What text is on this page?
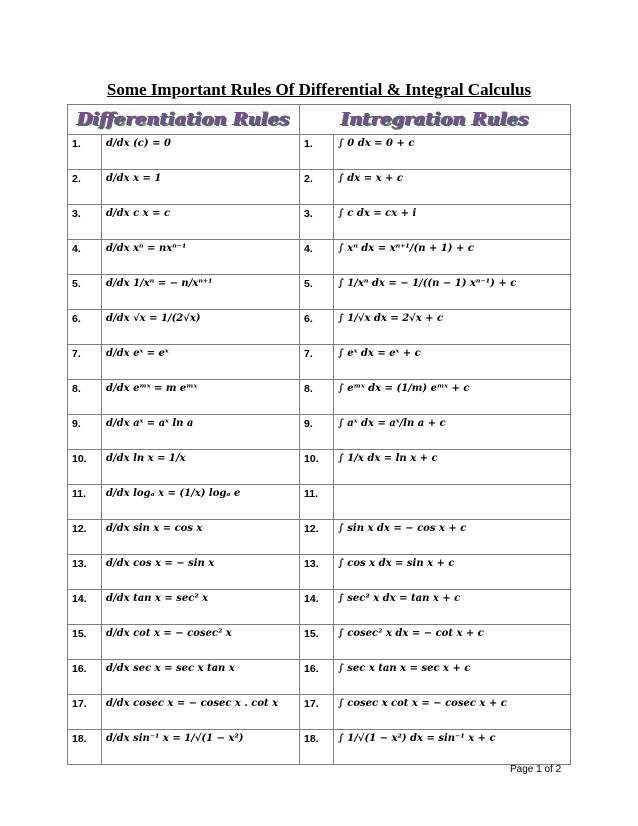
Some Important Rules Of Differential & Integral Calculus
Differentiation Rules		Intregration Rules	

1.	d/dx (c) = 0	1.	∫ 0 dx = 0 + c

2.	d/dx x = 1	2.	∫ dx = x + c

3.	d/dx c x = c	3.	∫ c dx = cx + i

4.	d/dx xⁿ = nxⁿ⁻¹	4.	∫ xⁿ dx = xⁿ⁺¹/(n + 1) + c

5.	d/dx 1/xⁿ = − n/xⁿ⁺¹	5.	∫ 1/xⁿ dx = − 1/((n − 1) xⁿ⁻¹) + c

6.	d/dx √x = 1/(2√x)	6.	∫ 1/√x dx = 2√x + c

7.	d/dx eˣ = eˣ	7.	∫ eˣ dx = eˣ + c

8.	d/dx eᵐˣ = m eᵐˣ	8.	∫ eᵐˣ dx = (1/m) eᵐˣ + c

9.	d/dx aˣ = aˣ ln a	9.	∫ aˣ dx = aˣ/ln a + c

10.	d/dx ln x = 1/x	10.	∫ 1/x dx = ln x + c

11.	d/dx logₐ x = (1/x) logₐ e	11.	

12.	d/dx sin x = cos x	12.	∫ sin x dx = − cos x + c

13.	d/dx cos x = − sin x	13.	∫ cos x dx = sin x + c

14.	d/dx tan x = sec² x	14.	∫ sec² x dx = tan x + c

15.	d/dx cot x = − cosec² x	15.	∫ cosec² x dx = − cot x + c

16.	d/dx sec x = sec x tan x	16.	∫ sec x tan x = sec x + c

17.	d/dx cosec x = − cosec x . cot x	17.	∫ cosec x cot x = − cosec x + c

18.	d/dx sin⁻¹ x = 1/√(1 − x²)	18.	∫ 1/√(1 − x²) dx = sin⁻¹ x + c
Page 1 of 2
